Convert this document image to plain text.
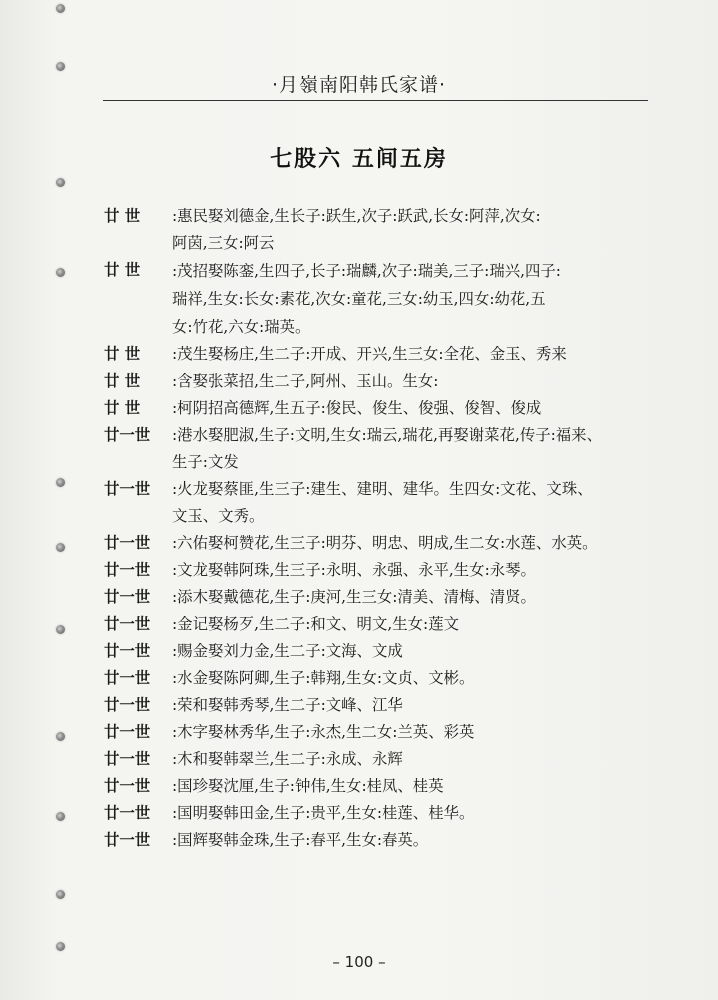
·月嶺南阳韩氏家谱·
七股六 五间五房
廿 世	:惠民娶刘德金,生长子:跃生,次子:跃武,长女:阿萍,次女:
阿茵,三女:阿云
廿 世	:茂招娶陈銮,生四子,长子:瑞麟,次子:瑞美,三子:瑞兴,四子:
瑞祥,生女:长女:素花,次女:童花,三女:幼玉,四女:幼花,五
女:竹花,六女:瑞英。
廿 世	:茂生娶杨庄,生二子:开成、开兴,生三女:全花、金玉、秀来
廿 世	:含娶张菜招,生二子,阿州、玉山。生女:
廿 世	:柯阴招高德辉,生五子:俊民、俊生、俊强、俊智、俊成
廿一世	:港水娶肥淑,生子:文明,生女:瑞云,瑞花,再娶谢菜花,传子:福来、
生子:文发
廿一世	:火龙娶蔡匪,生三子:建生、建明、建华。生四女:文花、文珠、
文玉、文秀。
廿一世	:六佑娶柯赞花,生三子:明芬、明忠、明成,生二女:水莲、水英。
廿一世	:文龙娶韩阿珠,生三子:永明、永强、永平,生女:永琴。
廿一世	:添木娶戴德花,生子:庚河,生三女:清美、清梅、清贤。
廿一世	:金记娶杨歹,生二子:和文、明文,生女:莲文
廿一世	:赐金娶刘力金,生二子:文海、文成
廿一世	:水金娶陈阿卿,生子:韩翔,生女:文贞、文彬。
廿一世	:荣和娶韩秀琴,生二子:文峰、江华
廿一世	:木字娶林秀华,生子:永杰,生二女:兰英、彩英
廿一世	:木和娶韩翠兰,生二子:永成、永辉
廿一世	:国珍娶沈厘,生子:钟伟,生女:桂凤、桂英
廿一世	:国明娶韩田金,生子:贵平,生女:桂莲、桂华。
廿一世	:国辉娶韩金珠,生子:春平,生女:春英。
– 100 –
